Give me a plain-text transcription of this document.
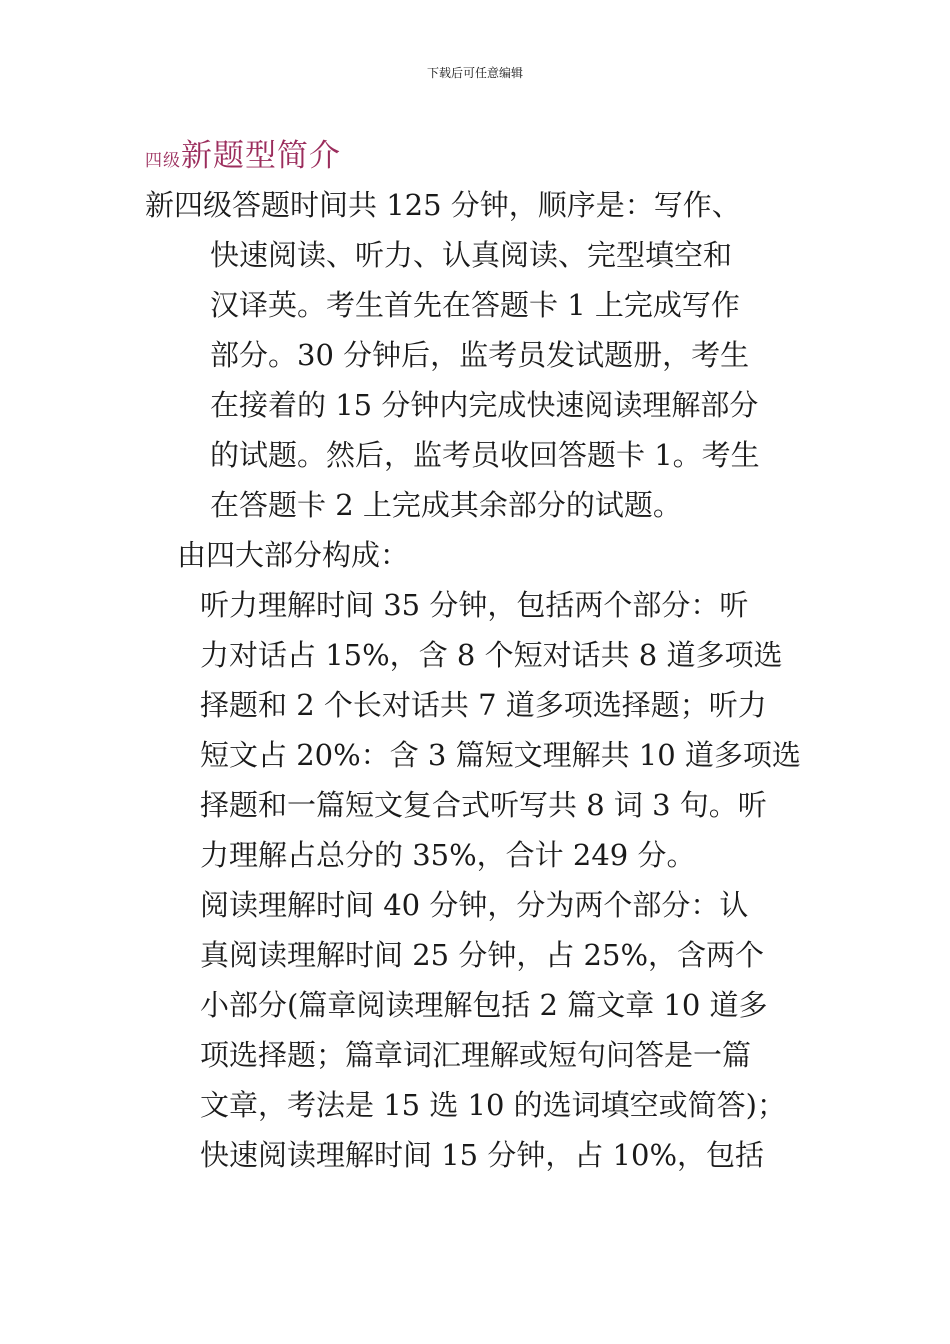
下载后可任意编辑
四级新题型简介
新四级答题时间共 125 分钟，顺序是：写作、
快速阅读、听力、认真阅读、完型填空和
汉译英。考生首先在答题卡 1 上完成写作
部分。30 分钟后，监考员发试题册，考生
在接着的 15 分钟内完成快速阅读理解部分
的试题。然后，监考员收回答题卡 1。考生
在答题卡 2 上完成其余部分的试题。
由四大部分构成：
听力理解时间 35 分钟，包括两个部分：听
力对话占 15%，含 8 个短对话共 8 道多项选
择题和 2 个长对话共 7 道多项选择题；听力
短文占 20%：含 3 篇短文理解共 10 道多项选
择题和一篇短文复合式听写共 8 词 3 句。听
力理解占总分的 35%，合计 249 分。
阅读理解时间 40 分钟，分为两个部分：认
真阅读理解时间 25 分钟，占 25%，含两个
小部分(篇章阅读理解包括 2 篇文章 10 道多
项选择题；篇章词汇理解或短句问答是一篇
文章，考法是 15 选 10 的选词填空或简答)；
快速阅读理解时间 15 分钟，占 10%，包括
